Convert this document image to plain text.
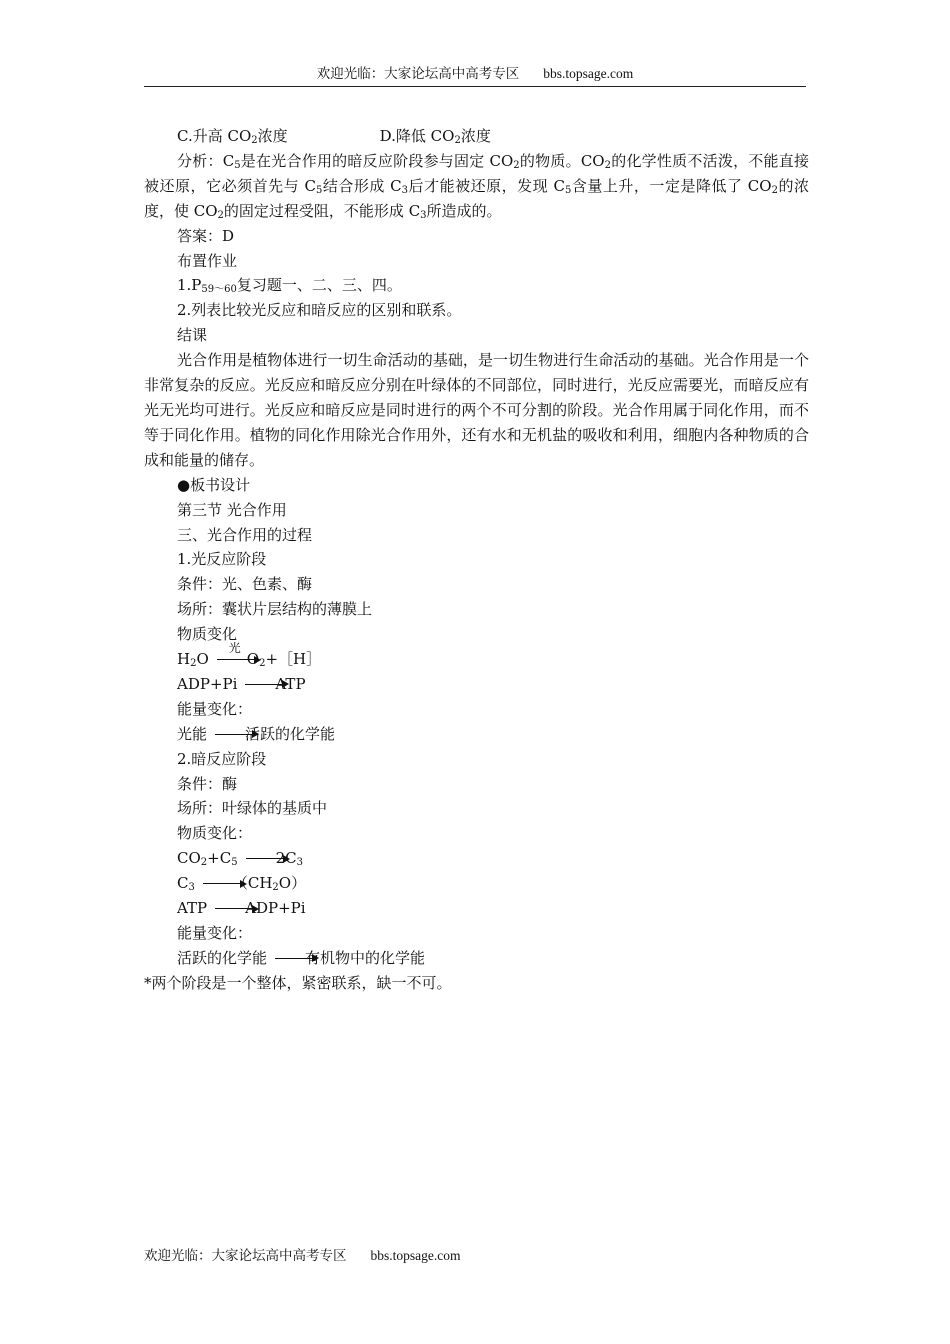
欢迎光临：大家论坛高中高考专区 bbs.topsage.com

C.升高 $CO_2$浓度	D.降低 $CO_2$浓度

分析：$C_5$是在光合作用的暗反应阶段参与固定 $CO_2$的物质。$CO_2$的化学性质不活泼，不能直接被还原，它必须首先与 $C_5$结合形成 $C_3$后才能被还原，发现 $C_5$含量上升，一定是降低了 $CO_2$的浓度，使 $CO_2$的固定过程受阻，不能形成 $C_3$所造成的。

答案：D

布置作业

$1.P_{59\sim 60}$复习题一、二、三、四。

2.列表比较光反应和暗反应的区别和联系。

结课

光合作用是植物体进行一切生命活动的基础，是一切生物进行生命活动的基础。光合作用是一个非常复杂的反应。光反应和暗反应分别在叶绿体的不同部位，同时进行，光反应需要光，而暗反应有光无光均可进行。光反应和暗反应是同时进行的两个不可分割的阶段。光合作用属于同化作用，而不等于同化作用。植物的同化作用除光合作用外，还有水和无机盐的吸收和利用，细胞内各种物质的合成和能量的储存。

●板书设计

第三节 光合作用

三、光合作用的过程

1.光反应阶段

条件：光、色素、酶

场所：囊状片层结构的薄膜上

物质变化

$H_2O$
光
$O_2+[H]$

ADP+Pi	ATP

能量变化：

光能	活跃的化学能

2.暗反应阶段

条件：酶

场所：叶绿体的基质中

物质变化：

$CO_2+C_5$	$2C_3$

$C_3$	$(CH_2O)$

ATP	ADP+Pi

能量变化：

活跃的化学能	有机物中的化学能

*两个阶段是一个整体，紧密联系，缺一不可。

欢迎光临：大家论坛高中高考专区 bbs.topsage.com
